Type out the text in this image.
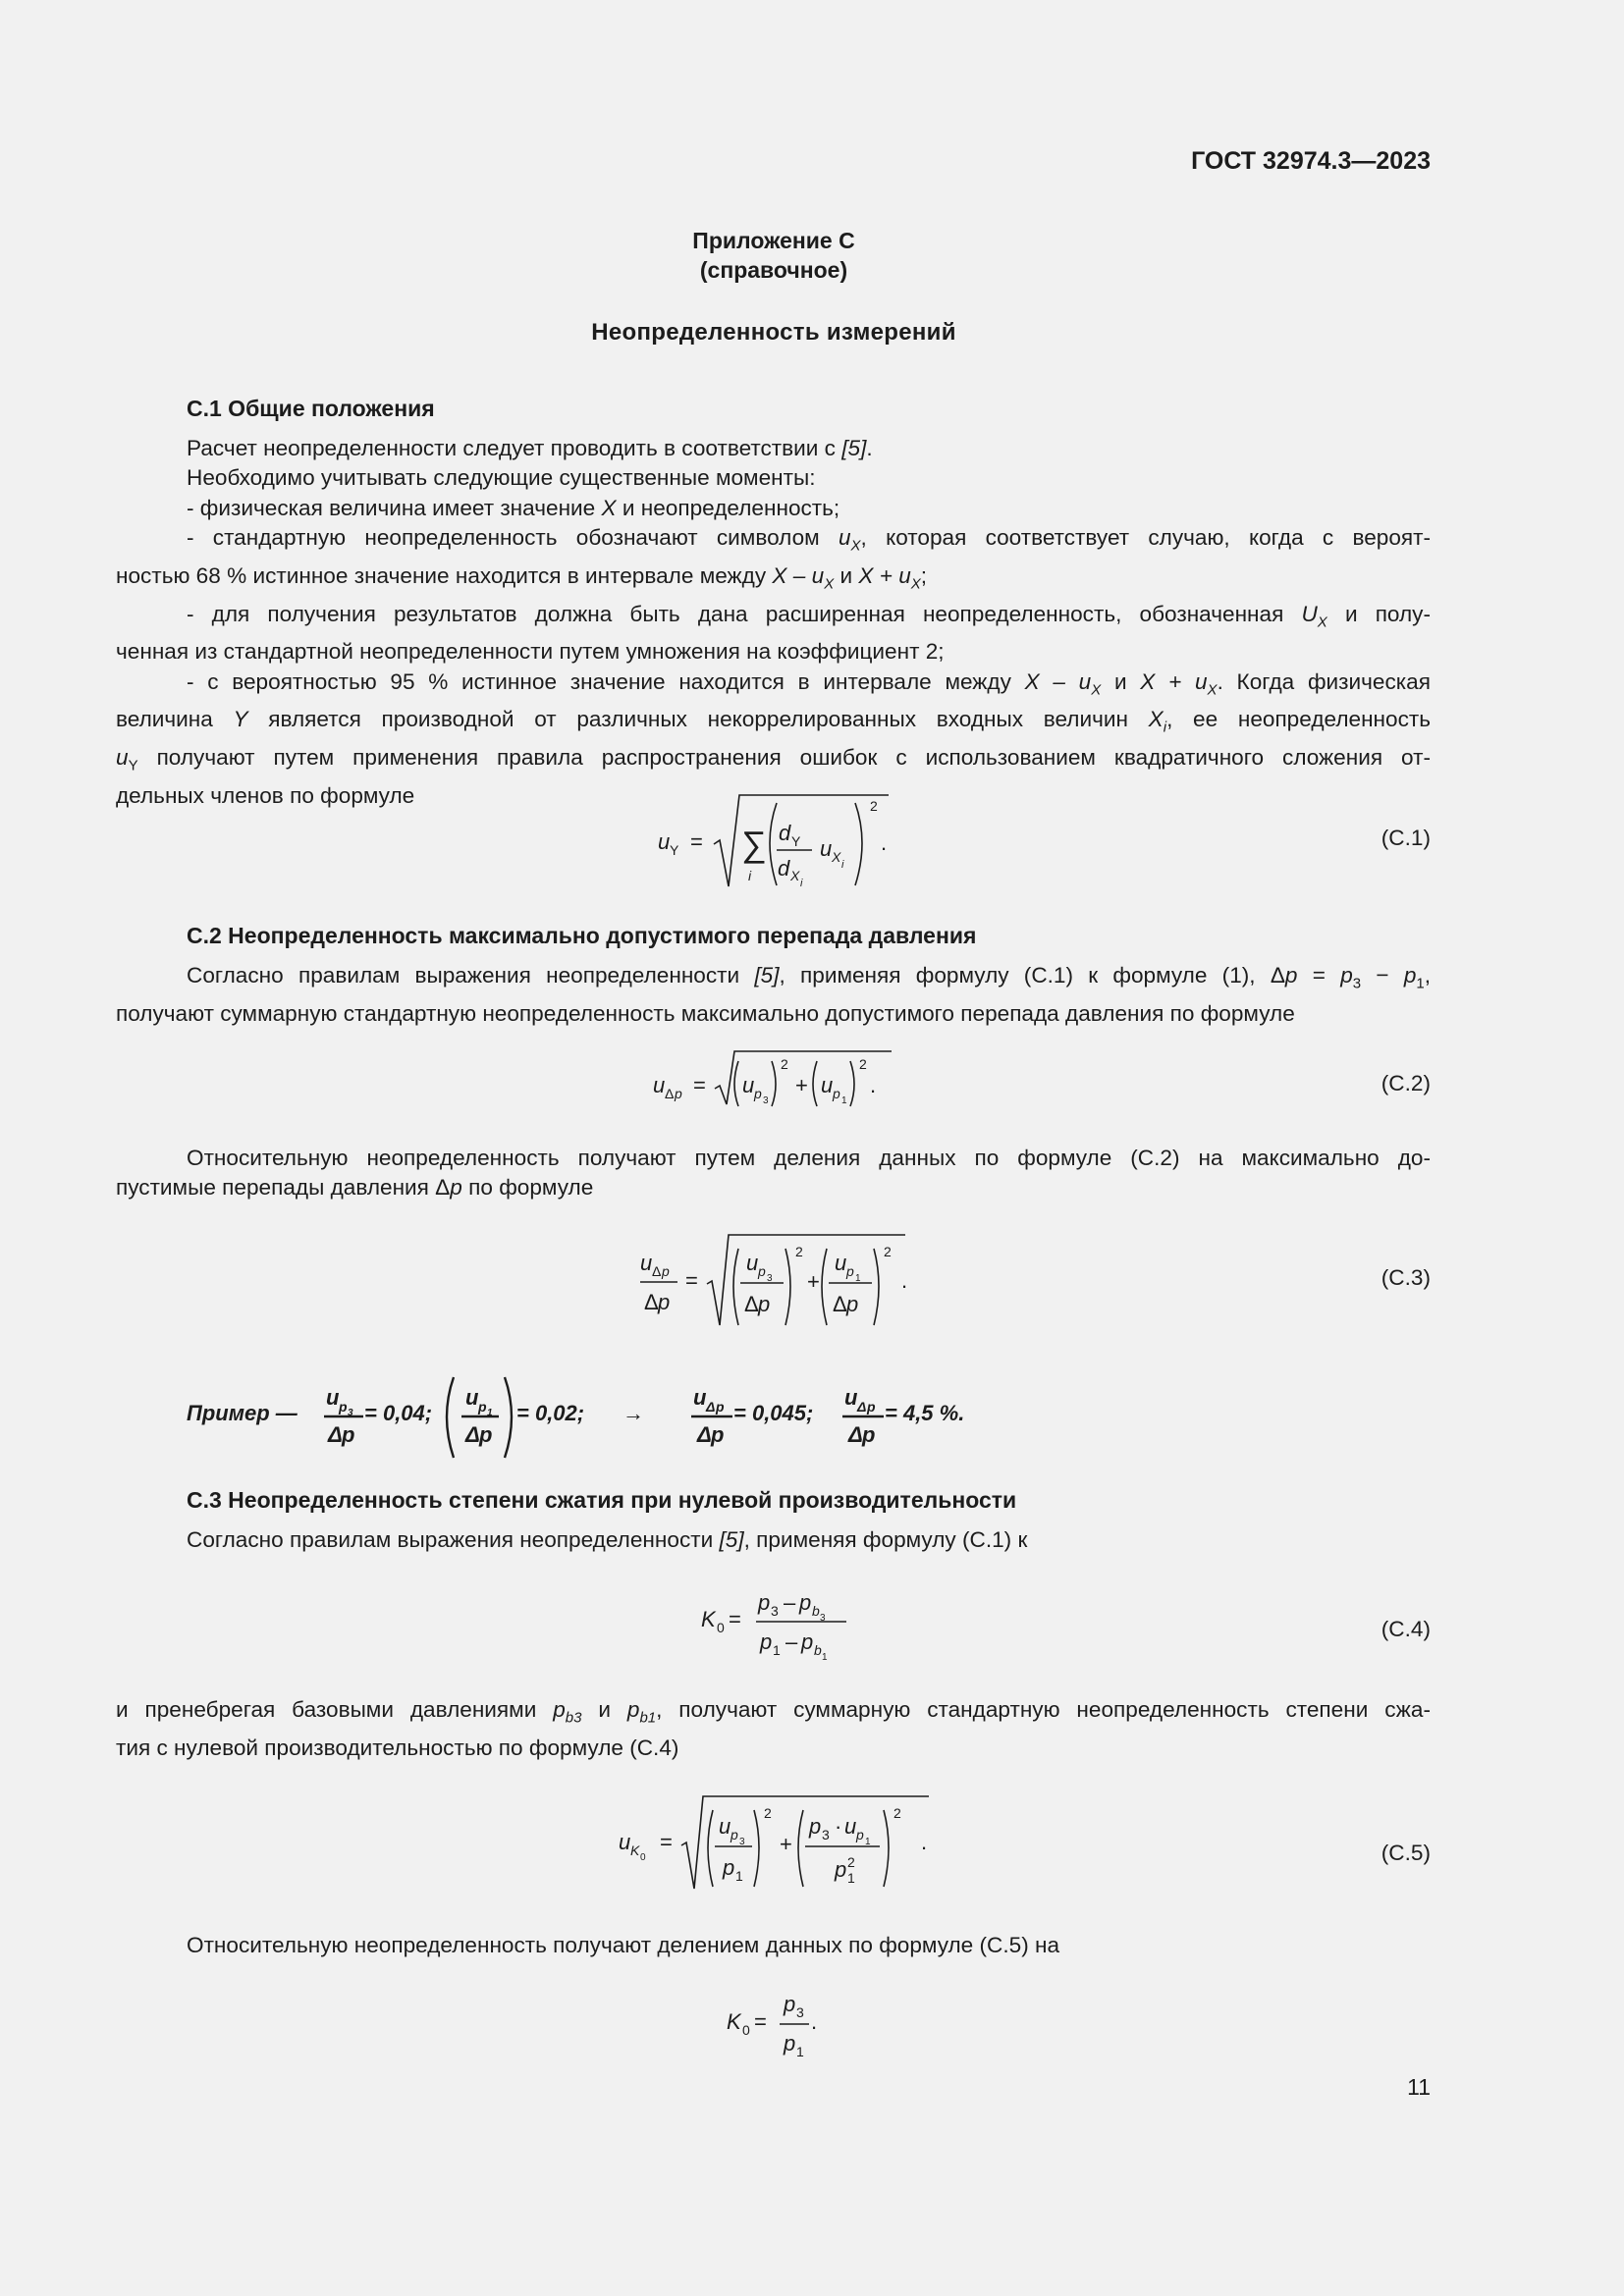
ГОСТ 32974.3—2023
Приложение С
(справочное)
Неопределенность измерений
С.1 Общие положения
Расчет неопределенности следует проводить в соответствии с [5].
Необходимо учитывать следующие существенные моменты:
- физическая величина имеет значение X и неопределенность;
- стандартную неопределенность обозначают символом $u_X$, которая соответствует случаю, когда с вероят-
ностью 68 % истинное значение находится в интервале между X – $u_X$ и $X + u_X$;
- для получения результатов должна быть дана расширенная неопределенность, обозначенная $U_X$ и полу-
ченная из стандартной неопределенности путем умножения на коэффициент 2;
- с вероятностью 95 % истинное значение находится в интервале между X – $u_X$ и $X + u_X$. Когда физическая
величина Y является производной от различных некоррелированных входных величин $X_i$, ее неопределенность
$u_Y$ получают путем применения правила распространения ошибок с использованием квадратичного сложения от-
дельных членов по формуле
u Y = ∑
i
d Y
d X i
u X i
2
.	(С.1)
С.2 Неопределенность максимально допустимого перепада давления
Согласно правилам выражения неопределенности [5], применяя формулу (С.1) к формуле (1), $\Delta p = p_3 - p_1$,
получают суммарную стандартную неопределенность максимально допустимого перепада давления по формуле
u Δ p = u p 3
2
+ u p 1
2
.	(С.2)
Относительную неопределенность получают путем деления данных по формуле (С.2) на максимально до-
пустимые перепады давления Δp по формуле
u Δ p
Δ p
=
u p 3
Δ p
2
+
u p 1
Δ p
2
.	(С.3)
Пример —
u p 3
Δ p
= 0,04;
u p 1
Δ p
= 0,02; →
u Δ p
Δ p
= 0,045;
u Δ p
Δ p
= 4,5 %.
С.3 Неопределенность степени сжатия при нулевой производительности
Согласно правилам выражения неопределенности [5], применяя формулу (С.1) к
K 0 =
p 3 – p b 3
p 1 – p b 1
(С.4)
и пренебрегая базовыми давлениями $p_{b3}$ и $p_{b1}$, получают суммарную стандартную неопределенность степени сжа-
тия с нулевой производительностью по формуле (С.4)
u K 0
=
u p 3
p 1
2
+
p 3 · u p 1
p 1
2
2
.	(С.5)
Относительную неопределенность получают делением данных по формуле (С.5) на
K 0 =
p 3
p 1
.
11
